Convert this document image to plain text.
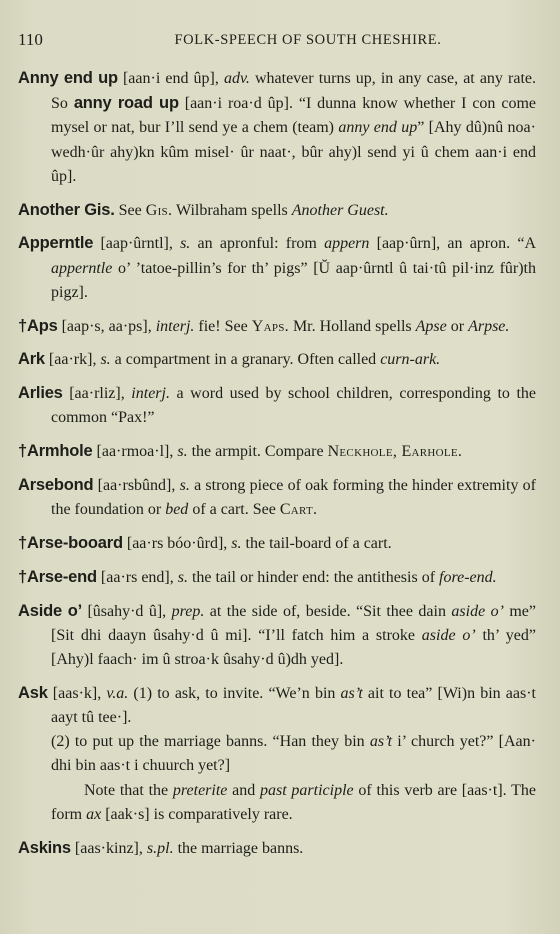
110	FOLK-SPEECH OF SOUTH CHESHIRE.

Anny end up [aan·i end ûp], adv. whatever turns up, in any case, at any rate. So anny road up [aan·i roa·d ûp]. “I dunna know whether I con come mysel or nat, bur I’ll send ye a chem (team) anny end up” [Ahy dû)nû noa· wedh·ûr ahy)kn kûm misel· ûr naat·, bûr ahy)l send yi û chem aan·i end ûp].

Another Gis. See Gis. Wilbraham spells Another Guest.

Apperntle [aap·ûrntl], s. an apronful: from appern [aap·ûrn], an apron. “A apperntle o’ ’tatoe-pillin’s for th’ pigs” [Ŭ aap·ûrntl û tai·tû pil·inz fûr)th pigz].

†Aps [aap·s, aa·ps], interj. fie! See Yaps. Mr. Holland spells Apse or Arpse.

Ark [aa·rk], s. a compartment in a granary. Often called curn-ark.

Arlies [aa·rliz], interj. a word used by school children, corresponding to the common “Pax!”

†Armhole [aa·rmoa·l], s. the armpit. Compare Neckhole, Earhole.

Arsebond [aa·rsbûnd], s. a strong piece of oak forming the hinder extremity of the foundation or bed of a cart. See Cart.

†Arse-booard [aa·rs bóo·ûrd], s. the tail-board of a cart.

†Arse-end [aa·rs end], s. the tail or hinder end: the antithesis of fore-end.

Aside o’ [ûsahy·d û], prep. at the side of, beside. “Sit thee dain aside o’ me” [Sit dhi daayn ûsahy·d û mi]. “I’ll fatch him a stroke aside o’ th’ yed” [Ahy)l faach· im û stroa·k ûsahy·d û)dh yed].

Ask [aas·k], v.a. (1) to ask, to invite. “We’n bin as’t ait to tea” [Wi)n bin aas·t aayt tû tee·].

(2) to put up the marriage banns. “Han they bin as’t i’ church yet?” [Aan· dhi bin aas·t i chuurch yet?]

Note that the preterite and past participle of this verb are [aas·t]. The form ax [aak·s] is comparatively rare.

Askins [aas·kinz], s.pl. the marriage banns.
